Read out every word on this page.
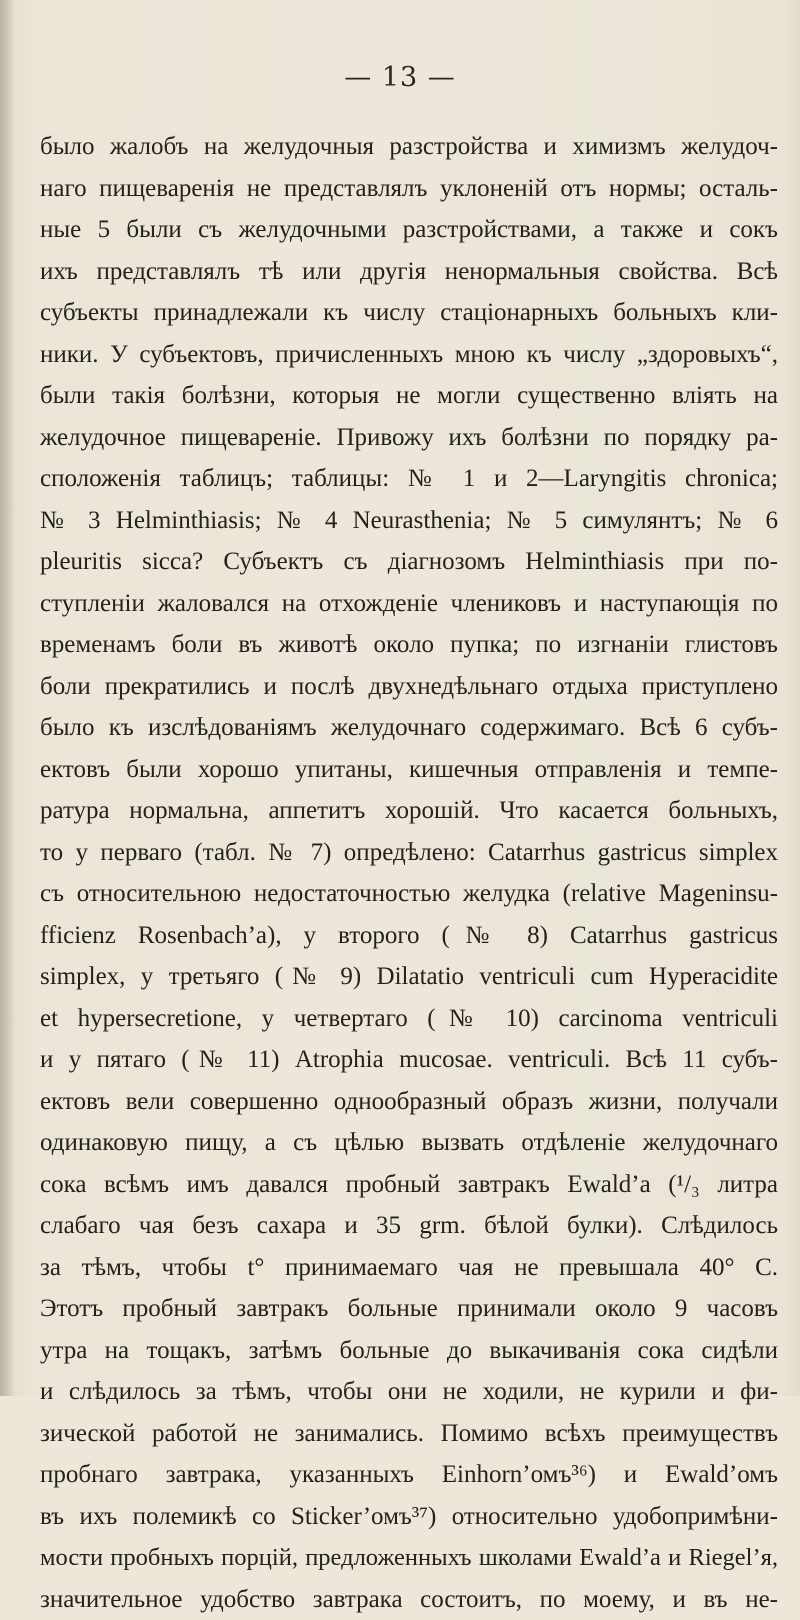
— 13 —
было жалобъ на желудочныя разстройства и химизмъ желудоч-
наго пищеваренія не представлялъ уклоненій отъ нормы; осталь-
ные 5 были съ желудочными разстройствами, а также и сокъ
ихъ представлялъ тѣ или другія ненормальныя свойства. Всѣ
субъекты принадлежали къ числу стаціонарныхъ больныхъ кли-
ники. У субъектовъ, причисленныхъ мною къ числу „здоровыхъ“,
были такія болѣзни, которыя не могли существенно вліять на
желудочное пищевареніе. Привожу ихъ болѣзни по порядку ра-
сположенія таблицъ; таблицы: № 1 и 2—Laryngitis chronica;
№ 3 Helminthiasis; № 4 Neurasthenia; № 5 симулянтъ; № 6
pleuritis sicca? Субъектъ съ діагнозомъ Helminthiasis при по-
ступленіи жаловался на отхожденіе члениковъ и наступающія по
временамъ боли въ животѣ около пупка; по изгнаніи глистовъ
боли прекратились и послѣ двухнедѣльнаго отдыха приступлено
было къ изслѣдованіямъ желудочнаго содержимаго. Всѣ 6 субъ-
ектовъ были хорошо упитаны, кишечныя отправленія и темпе-
ратура нормальна, аппетитъ хорошій. Что касается больныхъ,
то у перваго (табл. № 7) опредѣлено: Catarrhus gastricus simplex
съ относительною недостаточностью желудка (relative Mageninsu-
fficienz Rosenbach’a), у второго (№ 8) Catarrhus gastricus
simplex, у третьяго (№ 9) Dilatatio ventriculi cum Hyperacidite
et hypersecretione, у четвертаго (№ 10) carcinoma ventriculi
и у пятаго (№ 11) Atrophia mucosae. ventriculi. Всѣ 11 субъ-
ектовъ вели совершенно однообразный образъ жизни, получали
одинаковую пищу, а съ цѣлью вызвать отдѣленіе желудочнаго
сока всѣмъ имъ давался пробный завтракъ Ewald’a (¹/₃ литра
слабаго чая безъ сахара и 35 grm. бѣлой булки). Слѣдилось
за тѣмъ, чтобы t° принимаемаго чая не превышала 40° C.
Этотъ пробный завтракъ больные принимали около 9 часовъ
утра на тощакъ, затѣмъ больные до выкачиванія сока сидѣли
и слѣдилось за тѣмъ, чтобы они не ходили, не курили и фи-
зической работой не занимались. Помимо всѣхъ преимуществъ
пробнаго завтрака, указанныхъ Einhorn’омъ³⁶) и Ewald’омъ
въ ихъ полемикѣ со Sticker’омъ³⁷) относительно удобопримѣни-
мости пробныхъ порцій, предложенныхъ школами Ewald’a и Riegel’я,
значительное удобство завтрака состоитъ, по моему, и въ не-
